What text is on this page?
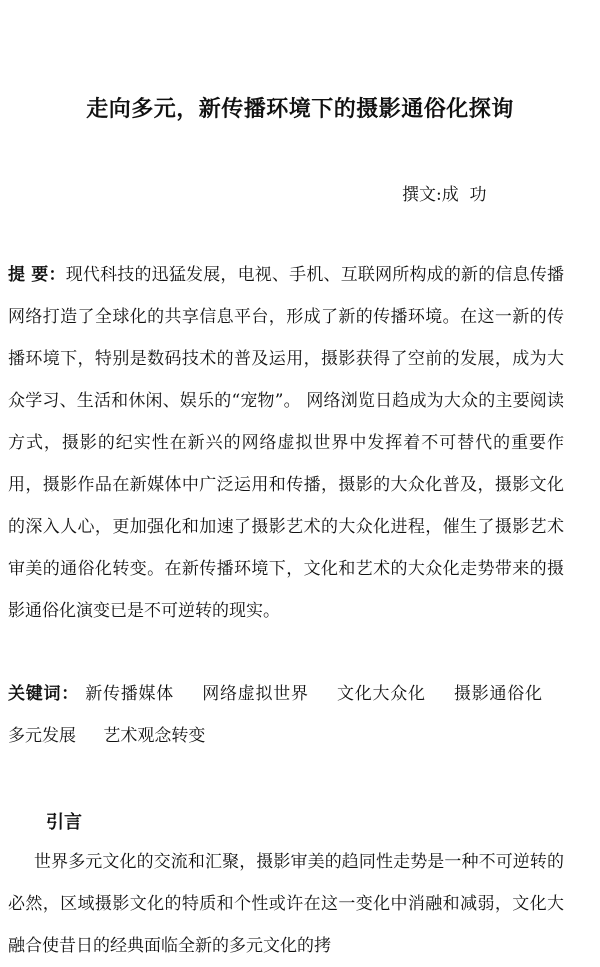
走向多元，新传播环境下的摄影通俗化探询
撰文:成  功
提 要：现代科技的迅猛发展，电视、手机、互联网所构成的新的信息传播网络打造了全球化的共享信息平台，形成了新的传播环境。在这一新的传播环境下，特别是数码技术的普及运用，摄影获得了空前的发展，成为大众学习、生活和休闲、娱乐的“宠物”。 网络浏览日趋成为大众的主要阅读方式，摄影的纪实性在新兴的网络虚拟世界中发挥着不可替代的重要作用，摄影作品在新媒体中广泛运用和传播，摄影的大众化普及，摄影文化的深入人心，更加强化和加速了摄影艺术的大众化进程，催生了摄影艺术审美的通俗化转变。在新传播环境下，文化和艺术的大众化走势带来的摄影通俗化演变已是不可逆转的现实。
关键词： 新传播媒体 网络虚拟世界 文化大众化 摄影通俗化 多元发展 艺术观念转变
引言
世界多元文化的交流和汇聚，摄影审美的趋同性走势是一种不可逆转的必然，区域摄影文化的特质和个性或许在这一变化中消融和减弱，文化大融合使昔日的经典面临全新的多元文化的拷
